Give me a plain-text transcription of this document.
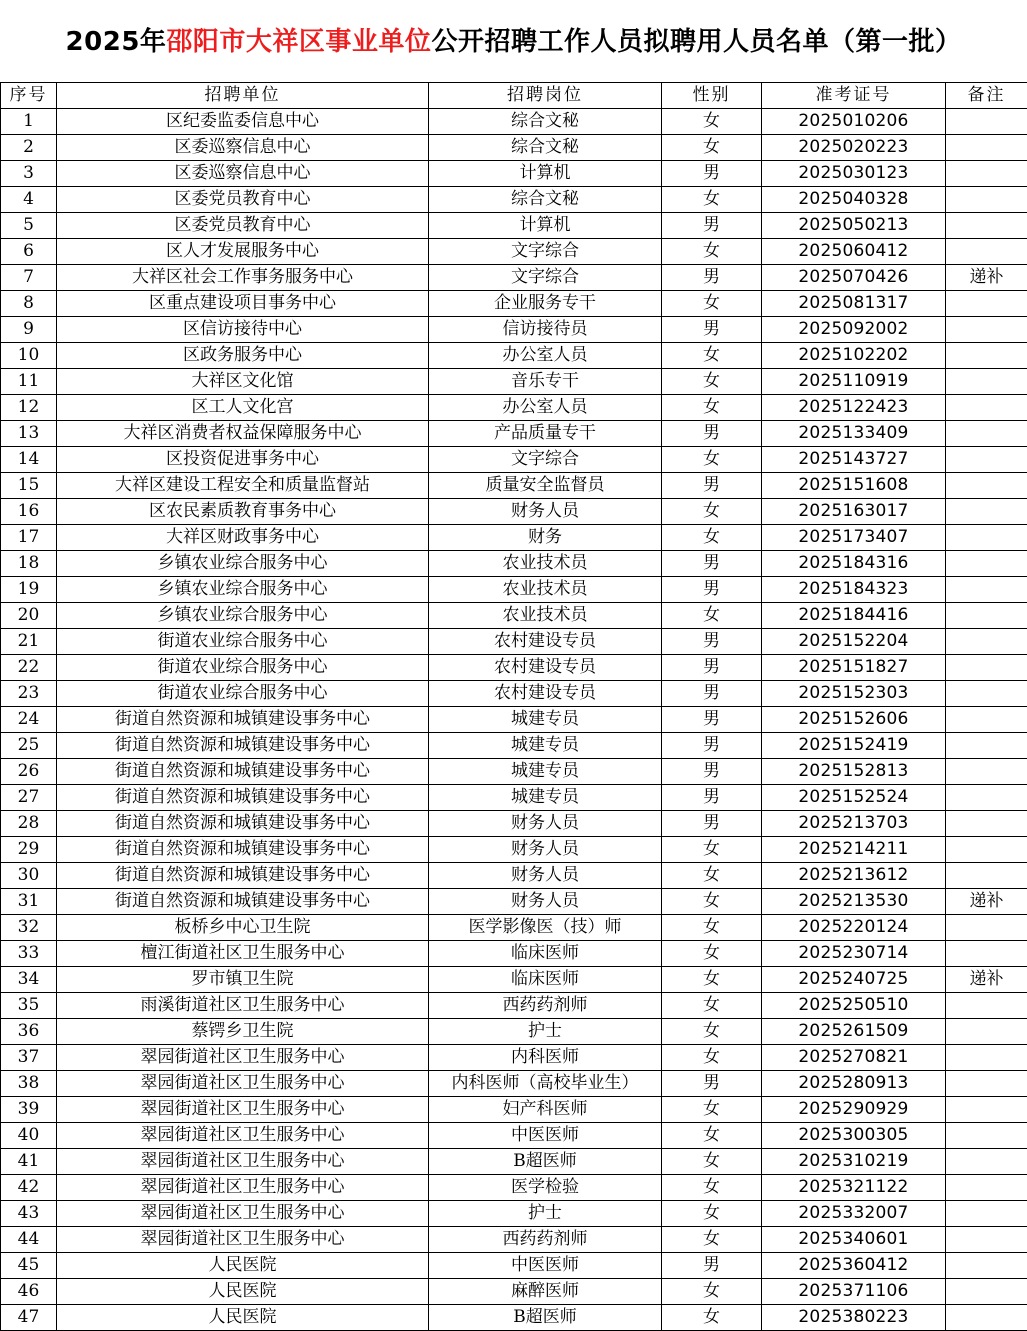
2025年邵阳市大祥区事业单位公开招聘工作人员拟聘用人员名单（第一批）
序号	招聘单位	招聘岗位	性别	准考证号	备注
1	区纪委监委信息中心	综合文秘	女	2025010206	
2	区委巡察信息中心	综合文秘	女	2025020223	
3	区委巡察信息中心	计算机	男	2025030123	
4	区委党员教育中心	综合文秘	女	2025040328	
5	区委党员教育中心	计算机	男	2025050213	
6	区人才发展服务中心	文字综合	女	2025060412	
7	大祥区社会工作事务服务中心	文字综合	男	2025070426	递补
8	区重点建设项目事务中心	企业服务专干	女	2025081317	
9	区信访接待中心	信访接待员	男	2025092002	
10	区政务服务中心	办公室人员	女	2025102202	
11	大祥区文化馆	音乐专干	女	2025110919	
12	区工人文化宫	办公室人员	女	2025122423	
13	大祥区消费者权益保障服务中心	产品质量专干	男	2025133409	
14	区投资促进事务中心	文字综合	女	2025143727	
15	大祥区建设工程安全和质量监督站	质量安全监督员	男	2025151608	
16	区农民素质教育事务中心	财务人员	女	2025163017	
17	大祥区财政事务中心	财务	女	2025173407	
18	乡镇农业综合服务中心	农业技术员	男	2025184316	
19	乡镇农业综合服务中心	农业技术员	男	2025184323	
20	乡镇农业综合服务中心	农业技术员	女	2025184416	
21	街道农业综合服务中心	农村建设专员	男	2025152204	
22	街道农业综合服务中心	农村建设专员	男	2025151827	
23	街道农业综合服务中心	农村建设专员	男	2025152303	
24	街道自然资源和城镇建设事务中心	城建专员	男	2025152606	
25	街道自然资源和城镇建设事务中心	城建专员	男	2025152419	
26	街道自然资源和城镇建设事务中心	城建专员	男	2025152813	
27	街道自然资源和城镇建设事务中心	城建专员	男	2025152524	
28	街道自然资源和城镇建设事务中心	财务人员	男	2025213703	
29	街道自然资源和城镇建设事务中心	财务人员	女	2025214211	
30	街道自然资源和城镇建设事务中心	财务人员	女	2025213612	
31	街道自然资源和城镇建设事务中心	财务人员	女	2025213530	递补
32	板桥乡中心卫生院	医学影像医（技）师	女	2025220124	
33	檀江街道社区卫生服务中心	临床医师	女	2025230714	
34	罗市镇卫生院	临床医师	女	2025240725	递补
35	雨溪街道社区卫生服务中心	西药药剂师	女	2025250510	
36	蔡锷乡卫生院	护士	女	2025261509	
37	翠园街道社区卫生服务中心	内科医师	女	2025270821	
38	翠园街道社区卫生服务中心	内科医师（高校毕业生）	男	2025280913	
39	翠园街道社区卫生服务中心	妇产科医师	女	2025290929	
40	翠园街道社区卫生服务中心	中医医师	女	2025300305	
41	翠园街道社区卫生服务中心	B超医师	女	2025310219	
42	翠园街道社区卫生服务中心	医学检验	女	2025321122	
43	翠园街道社区卫生服务中心	护士	女	2025332007	
44	翠园街道社区卫生服务中心	西药药剂师	女	2025340601	
45	人民医院	中医医师	男	2025360412	
46	人民医院	麻醉医师	女	2025371106	
47	人民医院	B超医师	女	2025380223	
